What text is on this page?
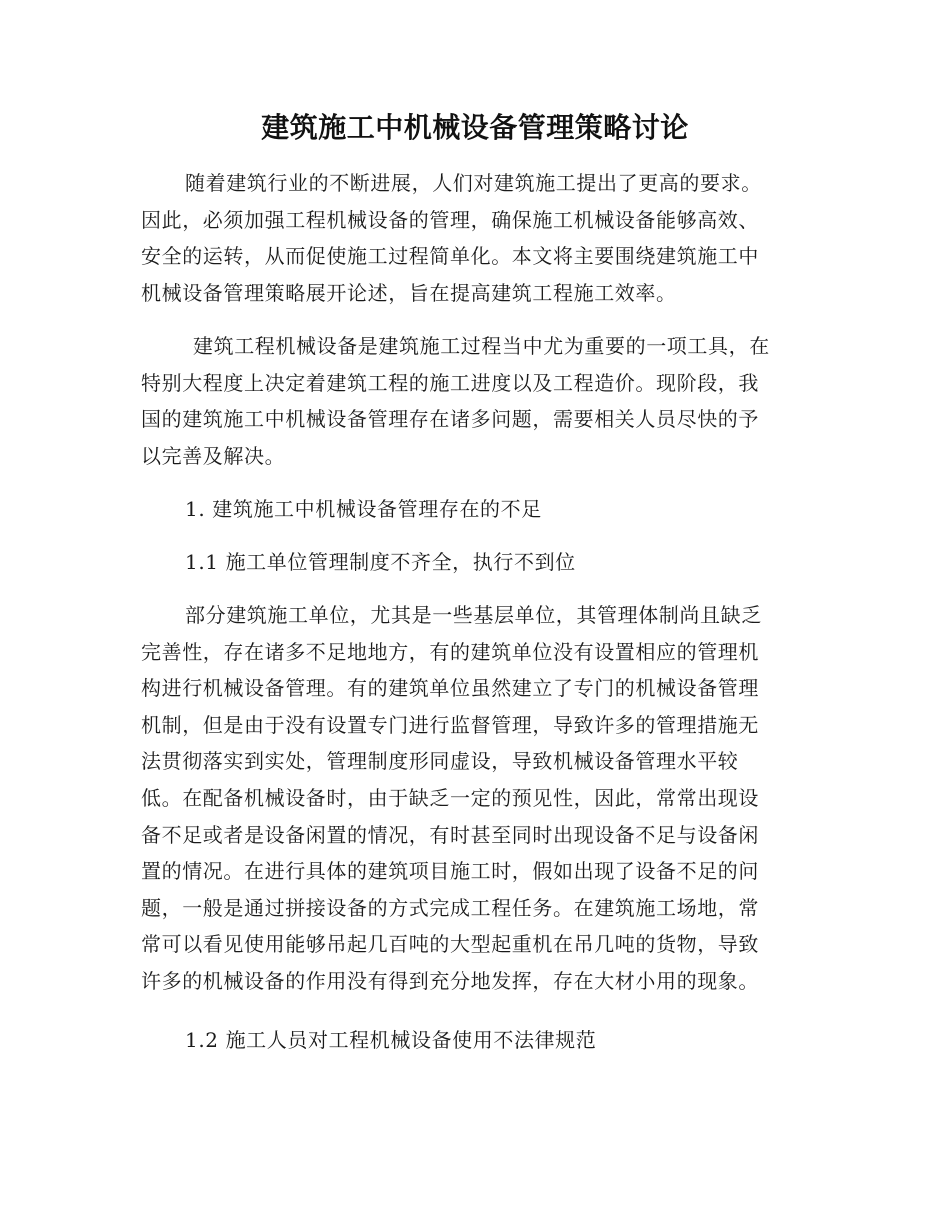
建筑施工中机械设备管理策略讨论
随着建筑行业的不断进展，人们对建筑施工提出了更高的要求。
因此，必须加强工程机械设备的管理，确保施工机械设备能够高效、
安全的运转，从而促使施工过程简单化。本文将主要围绕建筑施工中
机械设备管理策略展开论述，旨在提高建筑工程施工效率。
建筑工程机械设备是建筑施工过程当中尤为重要的一项工具，在
特别大程度上决定着建筑工程的施工进度以及工程造价。现阶段，我
国的建筑施工中机械设备管理存在诸多问题，需要相关人员尽快的予
以完善及解决。
1. 建筑施工中机械设备管理存在的不足
1.1 施工单位管理制度不齐全，执行不到位
部分建筑施工单位，尤其是一些基层单位，其管理体制尚且缺乏
完善性，存在诸多不足地地方，有的建筑单位没有设置相应的管理机
构进行机械设备管理。有的建筑单位虽然建立了专门的机械设备管理
机制，但是由于没有设置专门进行监督管理，导致许多的管理措施无
法贯彻落实到实处，管理制度形同虚设，导致机械设备管理水平较
低。在配备机械设备时，由于缺乏一定的预见性，因此，常常出现设
备不足或者是设备闲置的情况，有时甚至同时出现设备不足与设备闲
置的情况。在进行具体的建筑项目施工时，假如出现了设备不足的问
题，一般是通过拼接设备的方式完成工程任务。在建筑施工场地，常
常可以看见使用能够吊起几百吨的大型起重机在吊几吨的货物，导致
许多的机械设备的作用没有得到充分地发挥，存在大材小用的现象。
1.2 施工人员对工程机械设备使用不法律规范
